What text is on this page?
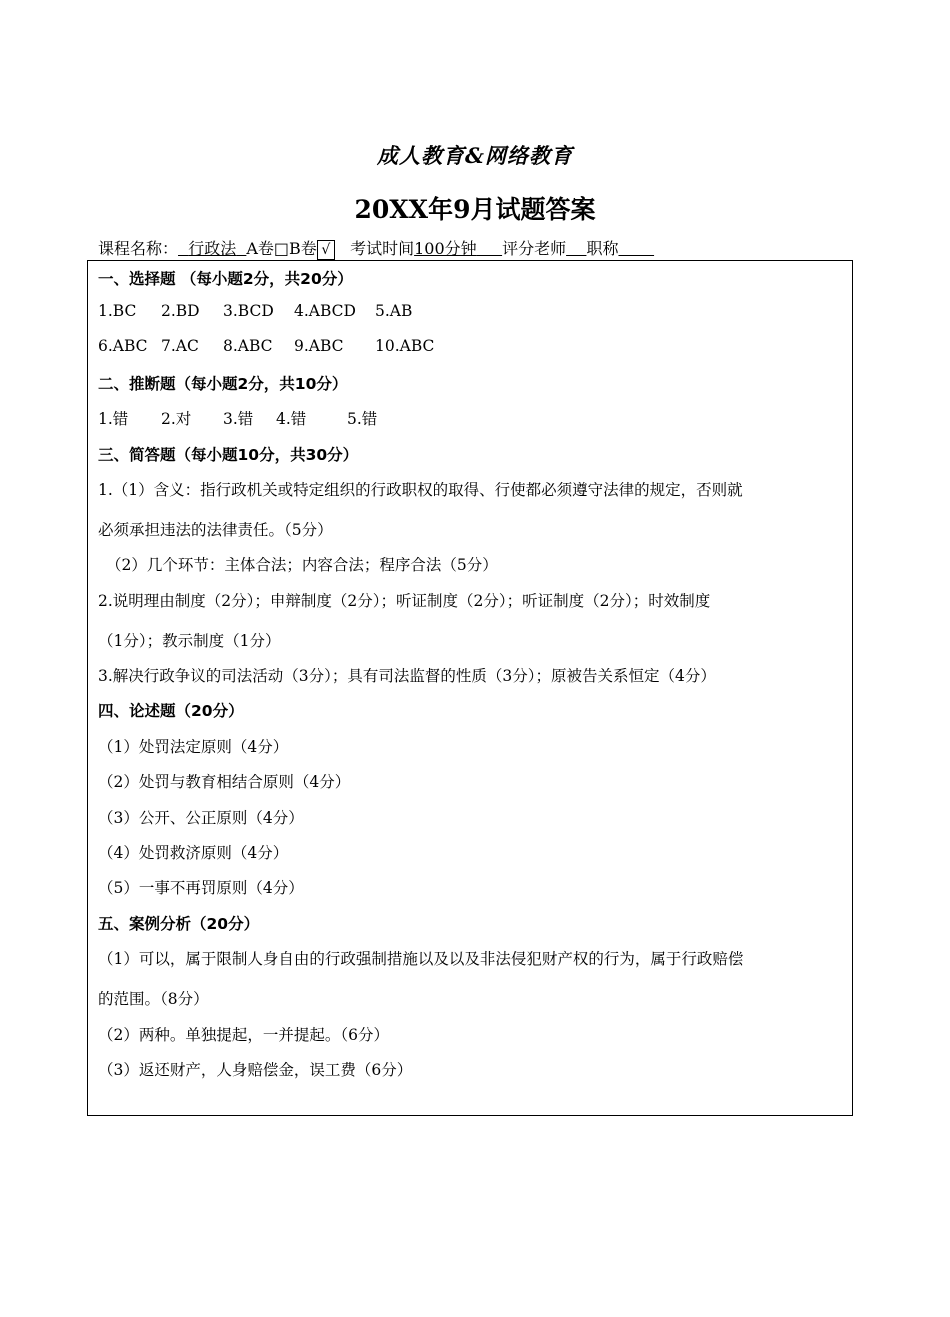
成人教育&网络教育
20XX年9月试题答案
课程名称： 行政法 A卷□B卷 √ 考试时间100分钟 评分老师 职称
一、选择题 （每小题2分，共20分）
1.BC 2.BD 3.BCD 4.ABCD 5.AB
6.ABC 7.AC 8.ABC 9.ABC 10.ABC
二、推断题（每小题2分，共10分）
1.错 2.对 3.错 4.错	5.错
三、简答题（每小题10分，共30分）
1.（1）含义：指行政机关或特定组织的行政职权的取得、行使都必须遵守法律的规定，否则就
必须承担违法的法律责任。（5分）
（2）几个环节：主体合法；内容合法；程序合法（5分）
2.说明理由制度（2分）；申辩制度（2分）；听证制度（2分）；听证制度（2分）；时效制度
（1分）；教示制度（1分）
3.解决行政争议的司法活动（3分）；具有司法监督的性质（3分）；原被告关系恒定（4分）
四、论述题（20分）
（1）处罚法定原则（4分）
（2）处罚与教育相结合原则（4分）
（3）公开、公正原则（4分）
（4）处罚救济原则（4分）
（5）一事不再罚原则（4分）
五、案例分析（20分）
（1）可以，属于限制人身自由的行政强制措施以及以及非法侵犯财产权的行为，属于行政赔偿
的范围。（8分）
（2）两种。单独提起，一并提起。（6分）
（3）返还财产，人身赔偿金，误工费（6分）
